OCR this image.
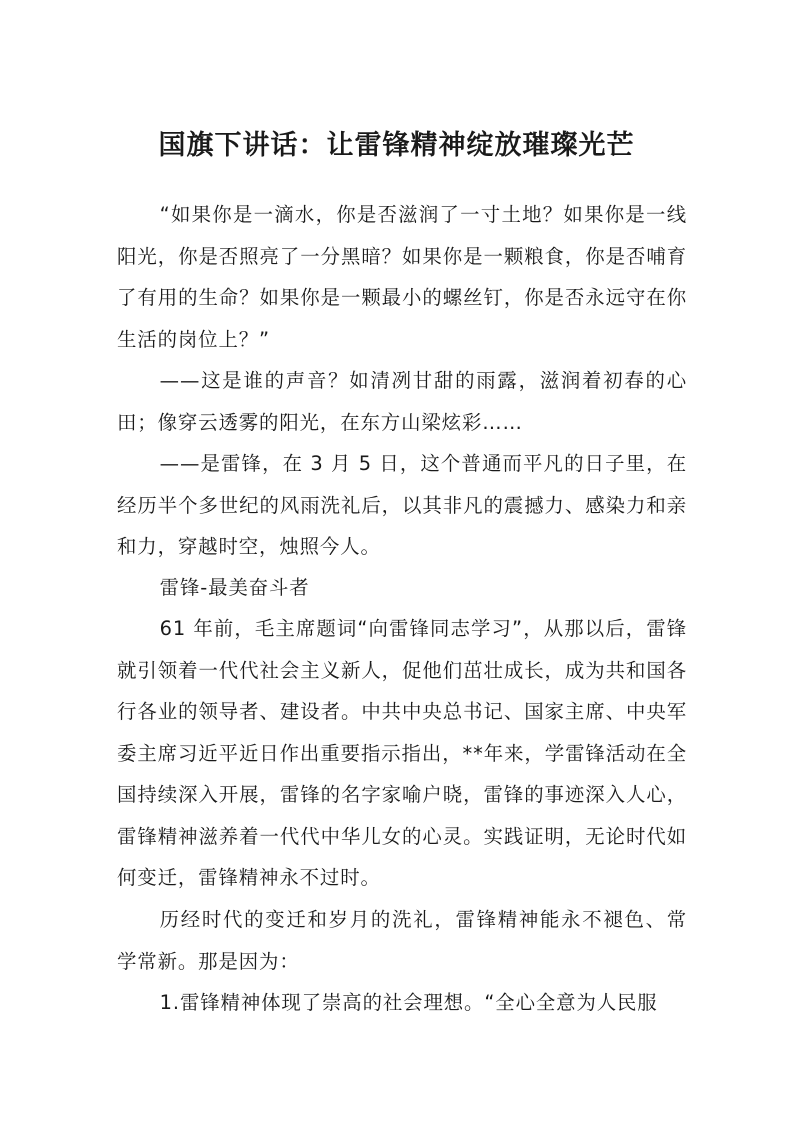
国旗下讲话：让雷锋精神绽放璀璨光芒

“如果你是一滴水，你是否滋润了一寸土地？如果你是一线阳光，你是否照亮了一分黑暗？如果你是一颗粮食，你是否哺育了有用的生命？如果你是一颗最小的螺丝钉，你是否永远守在你生活的岗位上？”

——这是谁的声音？如清冽甘甜的雨露，滋润着初春的心田；像穿云透雾的阳光，在东方山梁炫彩……

——是雷锋，在 3 月 5 日，这个普通而平凡的日子里，在经历半个多世纪的风雨洗礼后，以其非凡的震撼力、感染力和亲和力，穿越时空，烛照今人。

雷锋-最美奋斗者

61 年前，毛主席题词“向雷锋同志学习”，从那以后，雷锋就引领着一代代社会主义新人，促他们茁壮成长，成为共和国各行各业的领导者、建设者。中共中央总书记、国家主席、中央军委主席习近平近日作出重要指示指出，**年来，学雷锋活动在全国持续深入开展，雷锋的名字家喻户晓，雷锋的事迹深入人心，雷锋精神滋养着一代代中华儿女的心灵。实践证明，无论时代如何变迁，雷锋精神永不过时。

历经时代的变迁和岁月的洗礼，雷锋精神能永不褪色、常学常新。那是因为：

1.雷锋精神体现了崇高的社会理想。“全心全意为人民服
